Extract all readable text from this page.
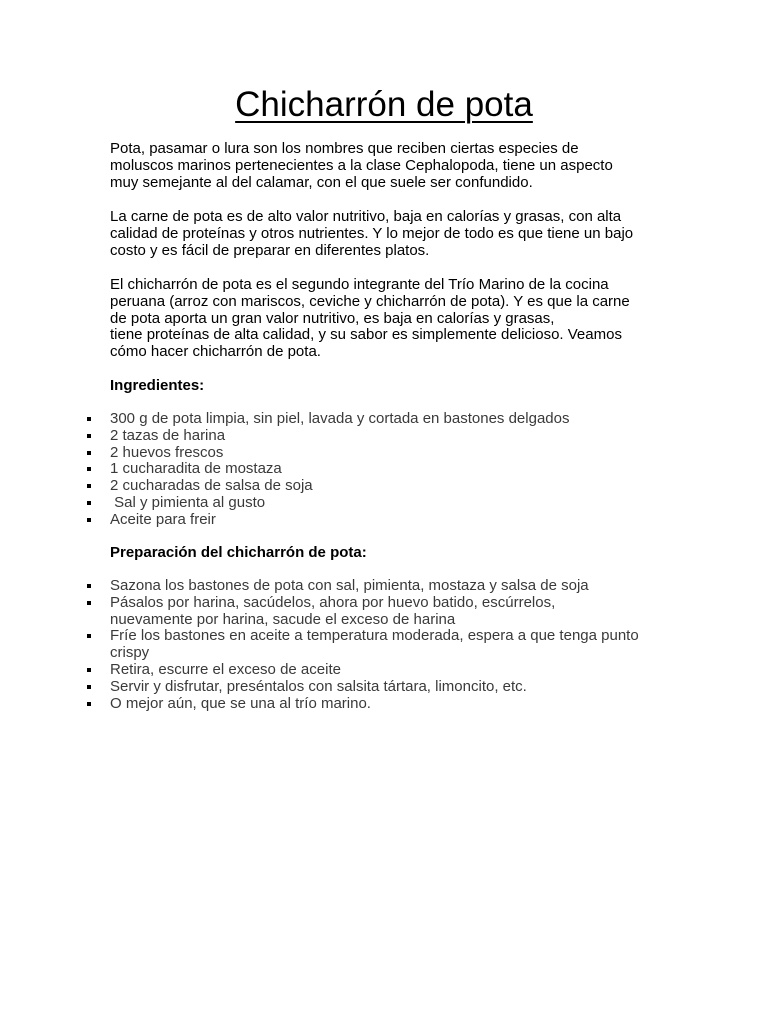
Chicharrón de pota

Pota, pasamar o lura son los nombres que reciben ciertas especies de
moluscos marinos pertenecientes a la clase Cephalopoda, tiene un aspecto
muy semejante al del calamar, con el que suele ser confundido.

La carne de pota es de alto valor nutritivo, baja en calorías y grasas, con alta
calidad de proteínas y otros nutrientes. Y lo mejor de todo es que tiene un bajo
costo y es fácil de preparar en diferentes platos.

El chicharrón de pota es el segundo integrante del Trío Marino de la cocina
peruana (arroz con mariscos, ceviche y chicharrón de pota). Y es que la carne
de pota aporta un gran valor nutritivo, es baja en calorías y grasas,
tiene proteínas de alta calidad, y su sabor es simplemente delicioso. Veamos
cómo hacer chicharrón de pota.

Ingredientes:

300 g de pota limpia, sin piel, lavada y cortada en bastones delgados
2 tazas de harina
2 huevos frescos
1 cucharadita de mostaza
2 cucharadas de salsa de soja
Sal y pimienta al gusto
Aceite para freir

Preparación del chicharrón de pota:

Sazona los bastones de pota con sal, pimienta, mostaza y salsa de soja
Pásalos por harina, sacúdelos, ahora por huevo batido, escúrrelos,
nuevamente por harina, sacude el exceso de harina
Fríe los bastones en aceite a temperatura moderada, espera a que tenga punto
crispy
Retira, escurre el exceso de aceite
Servir y disfrutar, preséntalos con salsita tártara, limoncito, etc.
O mejor aún, que se una al trío marino.
